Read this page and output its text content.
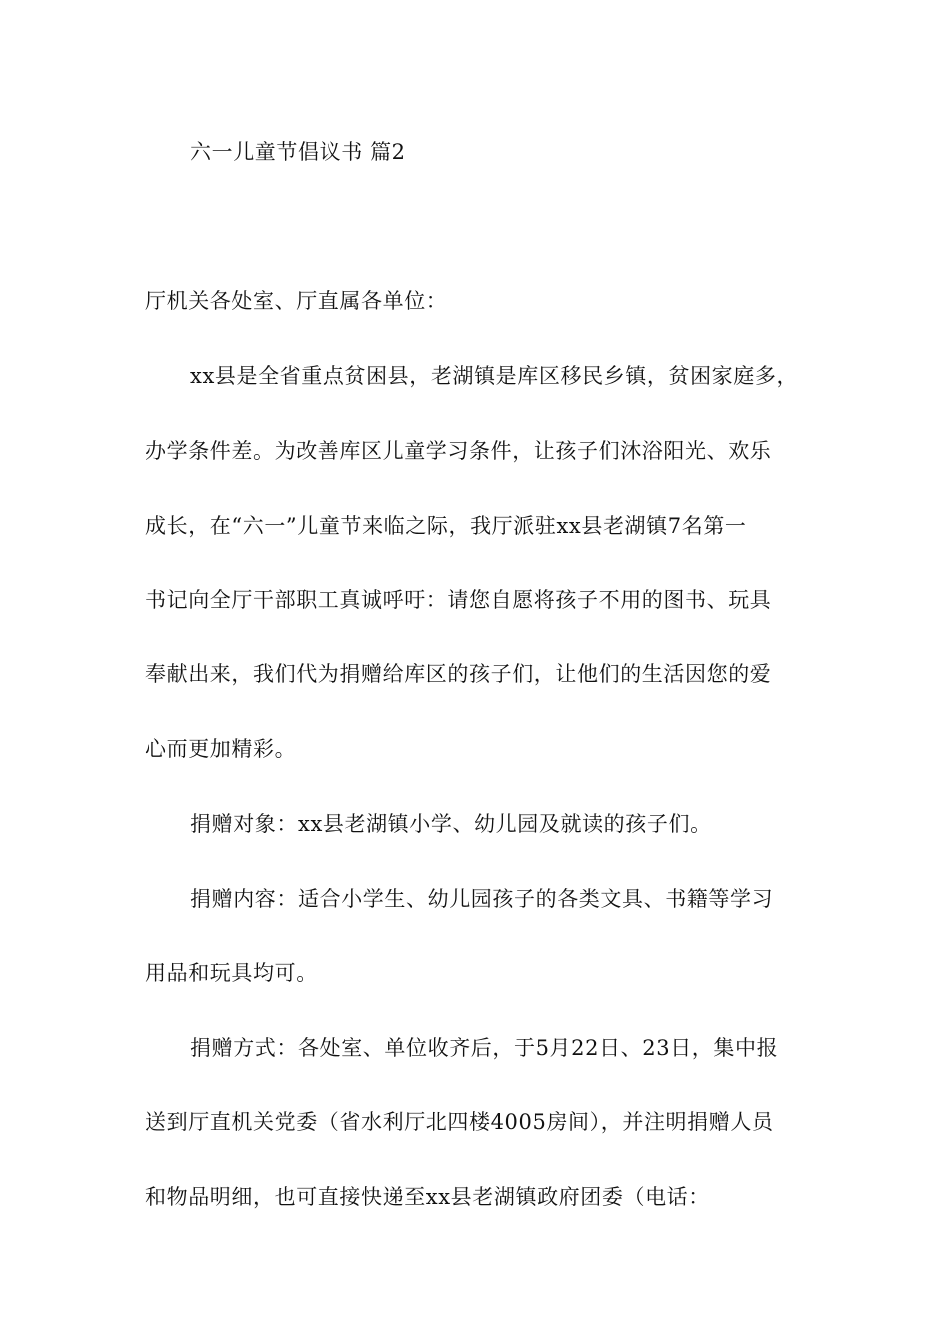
六一儿童节倡议书 篇2
厅机关各处室、厅直属各单位：
xx县是全省重点贫困县，老湖镇是库区移民乡镇，贫困家庭多，
办学条件差。为改善库区儿童学习条件，让孩子们沐浴阳光、欢乐
成长，在“六一”儿童节来临之际，我厅派驻xx县老湖镇7名第一
书记向全厅干部职工真诚呼吁：请您自愿将孩子不用的图书、玩具
奉献出来，我们代为捐赠给库区的孩子们，让他们的生活因您的爱
心而更加精彩。
捐赠对象：xx县老湖镇小学、幼儿园及就读的孩子们。
捐赠内容：适合小学生、幼儿园孩子的各类文具、书籍等学习
用品和玩具均可。
捐赠方式：各处室、单位收齐后，于5月22日、23日，集中报
送到厅直机关党委（省水利厅北四楼4005房间），并注明捐赠人员
和物品明细，也可直接快递至xx县老湖镇政府团委（电话：
